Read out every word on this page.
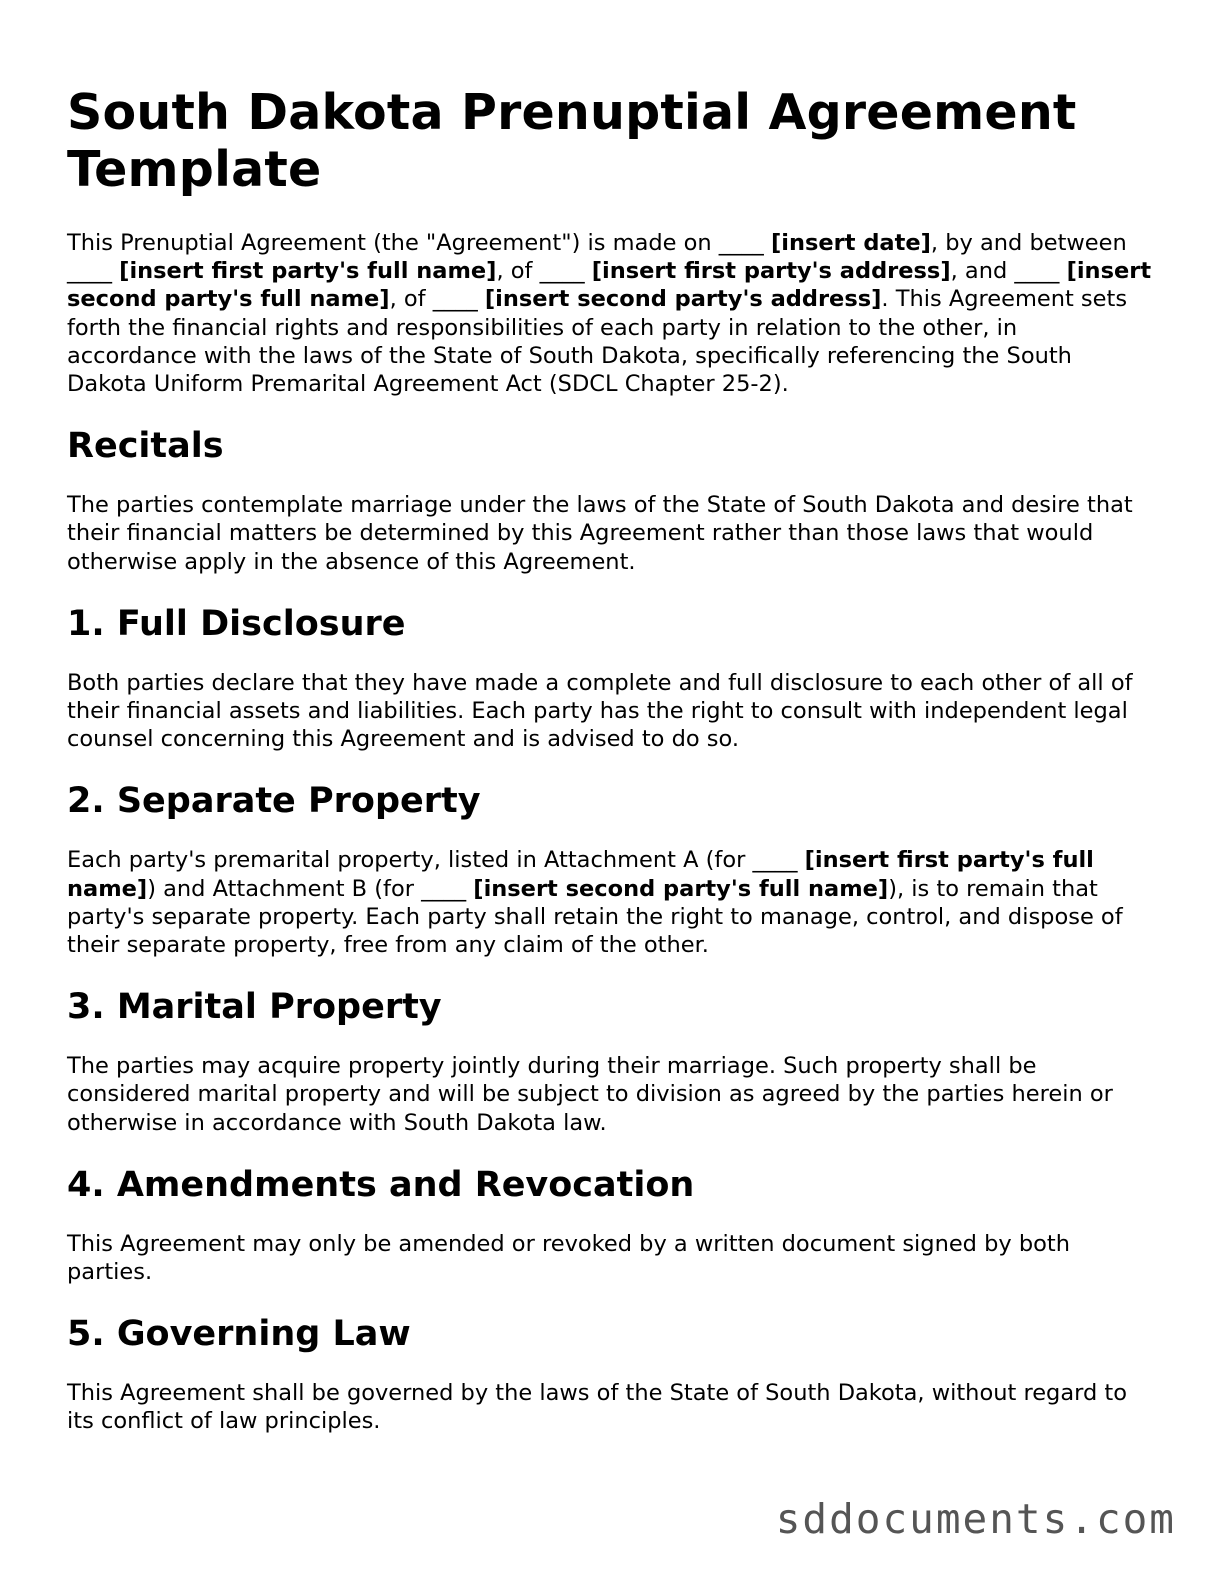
South Dakota Prenuptial Agreement Template

This Prenuptial Agreement (the "Agreement") is made on ____ [insert date], by and between ____ [insert first party's full name], of ____ [insert first party's address], and ____ [insert second party's full name], of ____ [insert second party's address]. This Agreement sets forth the financial rights and responsibilities of each party in relation to the other, in accordance with the laws of the State of South Dakota, specifically referencing the South Dakota Uniform Premarital Agreement Act (SDCL Chapter 25-2).

Recitals

The parties contemplate marriage under the laws of the State of South Dakota and desire that their financial matters be determined by this Agreement rather than those laws that would otherwise apply in the absence of this Agreement.

1. Full Disclosure

Both parties declare that they have made a complete and full disclosure to each other of all of their financial assets and liabilities. Each party has the right to consult with independent legal counsel concerning this Agreement and is advised to do so.

2. Separate Property

Each party's premarital property, listed in Attachment A (for ____ [insert first party's full name]) and Attachment B (for ____ [insert second party's full name]), is to remain that party's separate property. Each party shall retain the right to manage, control, and dispose of their separate property, free from any claim of the other.

3. Marital Property

The parties may acquire property jointly during their marriage. Such property shall be considered marital property and will be subject to division as agreed by the parties herein or otherwise in accordance with South Dakota law.

4. Amendments and Revocation

This Agreement may only be amended or revoked by a written document signed by both parties.

5. Governing Law

This Agreement shall be governed by the laws of the State of South Dakota, without regard to its conflict of law principles.

sddocuments.com
